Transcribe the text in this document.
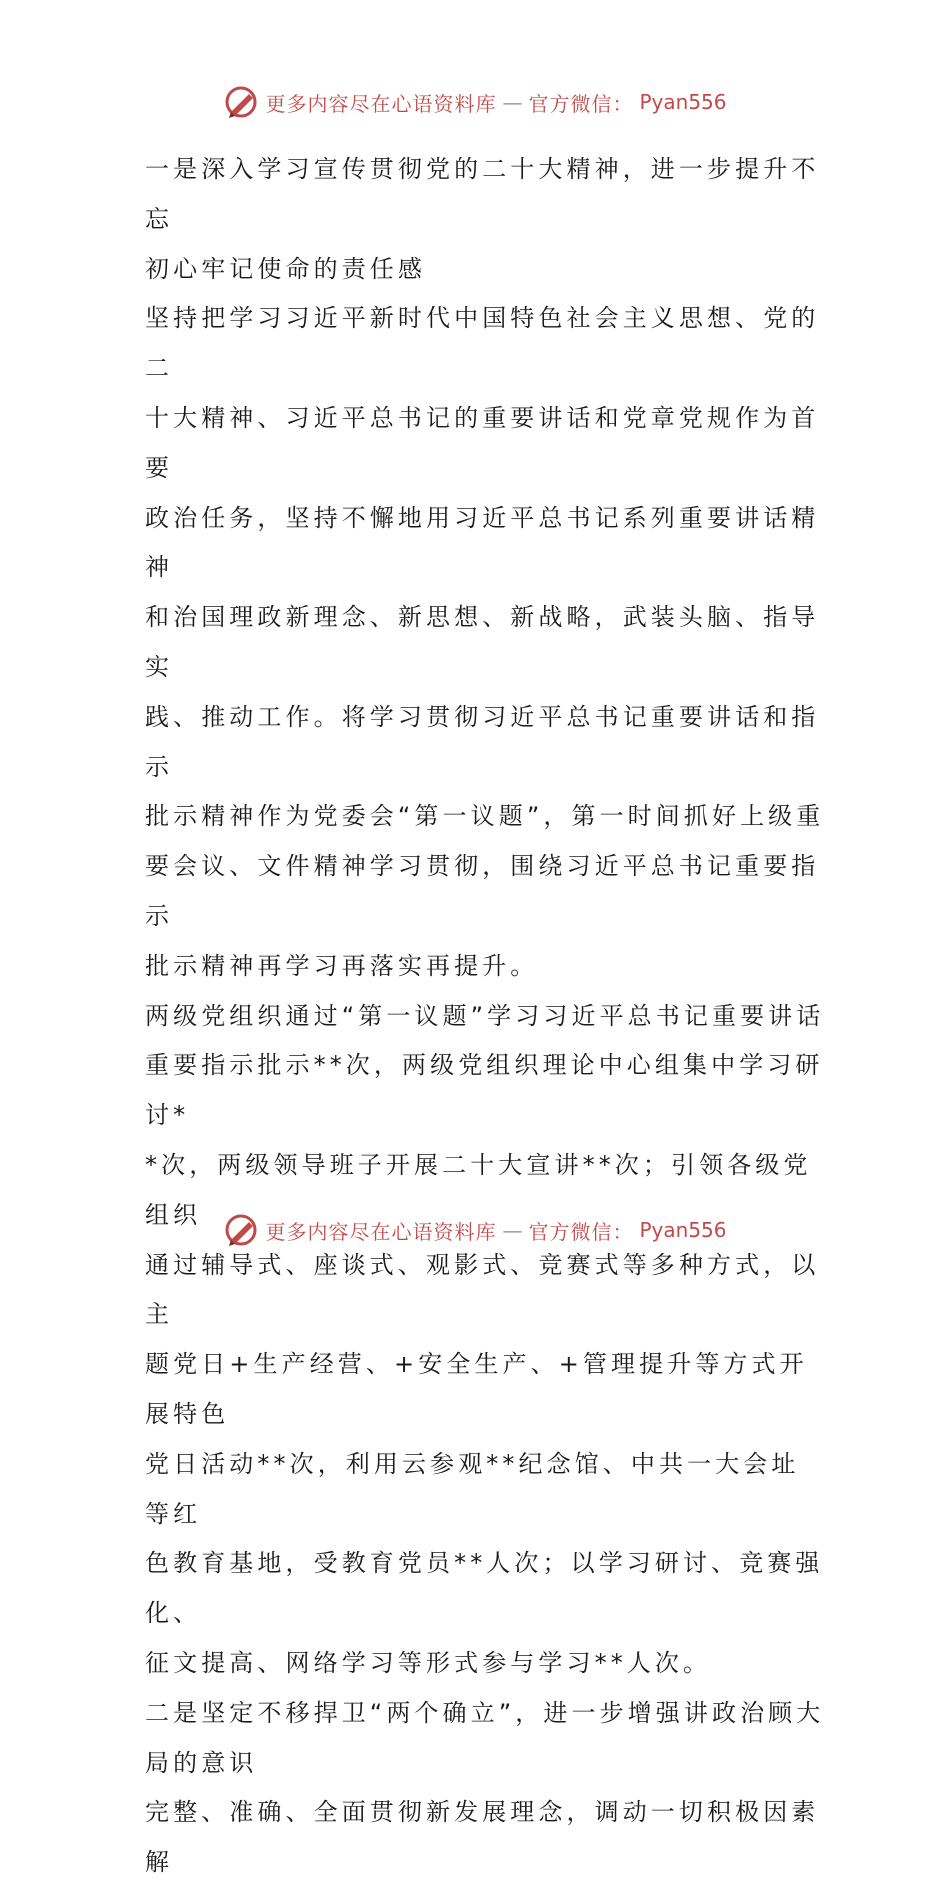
更多内容尽在心语资料库 — 官方微信： Pyan556

一是深入学习宣传贯彻党的二十大精神，进一步提升不忘
初心牢记使命的责任感

坚持把学习习近平新时代中国特色社会主义思想、党的二
十大精神、习近平总书记的重要讲话和党章党规作为首要
政治任务，坚持不懈地用习近平总书记系列重要讲话精神
和治国理政新理念、新思想、新战略，武装头脑、指导实
践、推动工作。将学习贯彻习近平总书记重要讲话和指示
批示精神作为党委会“第一议题”，第一时间抓好上级重
要会议、文件精神学习贯彻，围绕习近平总书记重要指示
批示精神再学习再落实再提升。

两级党组织通过“第一议题”学习习近平总书记重要讲话
重要指示批示**次，两级党组织理论中心组集中学习研讨*
*次，两级领导班子开展二十大宣讲**次；引领各级党组织
通过辅导式、座谈式、观影式、竞赛式等多种方式，以主
题党日+生产经营、+安全生产、+管理提升等方式开展特色
党日活动**次，利用云参观**纪念馆、中共一大会址等红
色教育基地，受教育党员**人次；以学习研讨、竞赛强化、
征文提高、网络学习等形式参与学习**人次。

二是坚定不移捍卫“两个确立”，进一步增强讲政治顾大
局的意识

完整、准确、全面贯彻新发展理念，调动一切积极因素解

更多内容尽在心语资料库 — 官方微信： Pyan556
